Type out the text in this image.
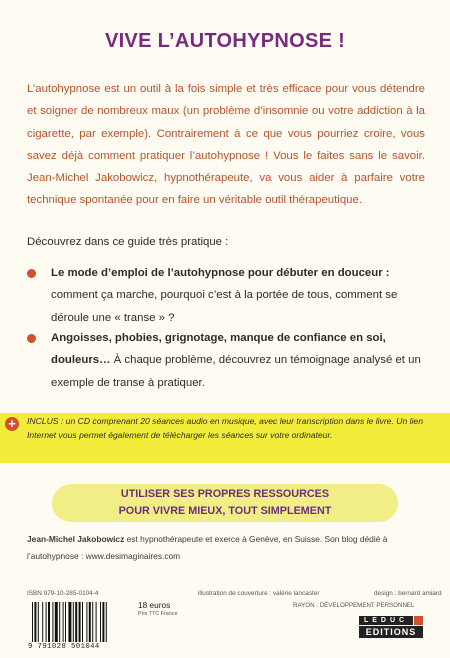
VIVE L’AUTOHYPNOSE !
L’autohypnose est un outil à la fois simple et très efficace pour vous détendre et soigner de nombreux maux (un problème d’insomnie ou votre addiction à la cigarette, par exemple). Contrairement à ce que vous pourriez croire, vous savez déjà comment pratiquer l’autohypnose ! Vous le faites sans le savoir. Jean-Michel Jakobowicz, hypnothérapeute, va vous aider à parfaire votre technique spontanée pour en faire un véritable outil thérapeutique.
Découvrez dans ce guide très pratique :
Le mode d’emploi de l’autohypnose pour débuter en douceur : comment ça marche, pourquoi c’est à la portée de tous, comment se déroule une « transe » ?
Angoisses, phobies, grignotage, manque de confiance en soi, douleurs… À chaque problème, découvrez un témoignage analysé et un exemple de transe à pratiquer.
+	INCLUS : un CD comprenant 20 séances audio en musique, avec leur transcription dans le livre. Un lien Internet vous permet également de télécharger les séances sur votre ordinateur.
UTILISER SES PROPRES RESSOURCES
POUR VIVRE MIEUX, TOUT SIMPLEMENT
Jean-Michel Jakobowicz est hypnothérapeute et exerce à Genève, en Suisse. Son blog dédié à l’autohypnose : www.desimaginaires.com
ISBN 979-10-285-0104-4	illustration de couverture : valérie lancaster	design : bernard amiard
RAYON : DÉVELOPPEMENT PERSONNEL
9 791028 501044
18 euros
Prix TTC France
LEDUC
EDITIONS
